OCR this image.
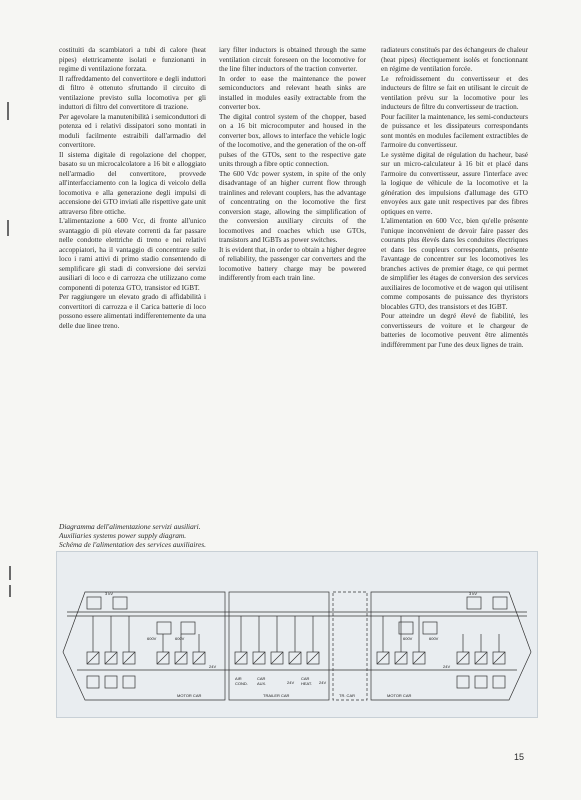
costituiti da scambiatori a tubi di calore (heat pipes) elettricamente isolati e funzionanti in regime di ventilazione forzata.

Il raffreddamento del convertitore e degli induttori di filtro è ottenuto sfruttando il circuito di ventilazione previsto sulla locomotiva per gli induttori di filtro del convertitore di trazione.

Per agevolare la manutenibilità i semiconduttori di potenza ed i relativi dissipatori sono montati in moduli facilmente estraibili dall'armadio del convertitore.

Il sistema digitale di regolazione del chopper, basato su un microcalcolatore a 16 bit e alloggiato nell'armadio del convertitore, provvede all'interfacciamento con la logica di veicolo della locomotiva e alla generazione degli impulsi di accensione dei GTO inviati alle rispettive gate unit attraverso fibre ottiche.

L'alimentazione a 600 Vcc, di fronte all'unico svantaggio di più elevate correnti da far passare nelle condotte elettriche di treno e nei relativi accoppiatori, ha il vantaggio di concentrare sulle loco i rami attivi di primo stadio consentendo di semplificare gli stadi di conversione dei servizi ausiliari di loco e di carrozza che utilizzano come componenti di potenza GTO, transistor ed IGBT.

Per raggiungere un elevato grado di affidabilità i convertitori di carrozza e il Carica batterie di loco possono essere alimentati indifferentemente da una delle due linee treno.

iary filter inductors is obtained through the same ventilation circuit foreseen on the locomotive for the line filter inductors of the traction converter.

In order to ease the maintenance the power semiconductors and relevant heath sinks are installed in modules easily extractable from the converter box.

The digital control system of the chopper, based on a 16 bit microcomputer and housed in the converter box, allows to interface the vehicle logic of the locomotive, and the generation of the on-off pulses of the GTOs, sent to the respective gate units through a fibre optic connection.

The 600 Vdc power system, in spite of the only disadvantage of an higher current flow through trainlines and relevant couplers, has the advantage of concentrating on the locomotive the first conversion stage, allowing the simplification of the conversion auxiliary circuits of the locomotives and coaches which use GTOs, transistors and IGBTs as power switches.

It is evident that, in order to obtain a higher degree of reliability, the passenger car converters and the locomotive battery charge may be powered indifferently from each train line.

radiateurs constitués par des échangeurs de chaleur (heat pipes) électiquement isolés et fonctionnant en régime de ventilation forcée.

Le refroidissement du convertisseur et des inducteurs de filtre se fait en utilisant le circuit de ventilation prévu sur la locomotive pour les inducteurs de filtre du convertisseur de traction.

Pour faciliter la maintenance, les semi-conducteurs de puissance et les dissipateurs correspondants sont montés en modules facilement extractibles de l'armoire du convertisseur.

Le système digital de régulation du hacheur, basé sur un micro-calculateur à 16 bit et placé dans l'armoire du convertisseur, assure l'interface avec la logique de véhicule de la locomotive et la génération des impulsions d'allumage des GTO envoyées aux gate unit respectives par des fibres optiques en verre.

L'alimentation en 600 Vcc, bien qu'elle présente l'unique inconvénient de devoir faire passer des courants plus élevés dans les conduites électriques et dans les coupleurs correspondants, présente l'avantage de concentrer sur les locomotives les branches actives de premier étage, ce qui permet de simplifier les étages de conversion des services auxiliaires de locomotive et de wagon qui utilisent comme composants de puissance des thyristors blocables GTO, des transistors et des IGBT.

Pour atteindre un degré élevé de fiabilité, les convertisseurs de voiture et le chargeur de batteries de locomotive peuvent être alimentés indifféremment par l'une des deux lignes de train.

Diagramma dell'alimentazione servizi ausiliari.
Auxiliaries systems power supply diagram.
Schéma de l'alimentation des services auxiliaires.
3 kV	3 kV
600V	600V	600V	600V
24V
24V
24V
24V
AIR COND.
CAR AUX.
CAR HEAT.
MOTOR CAR	TRAILER CAR	TR. CAR	MOTOR CAR
15
